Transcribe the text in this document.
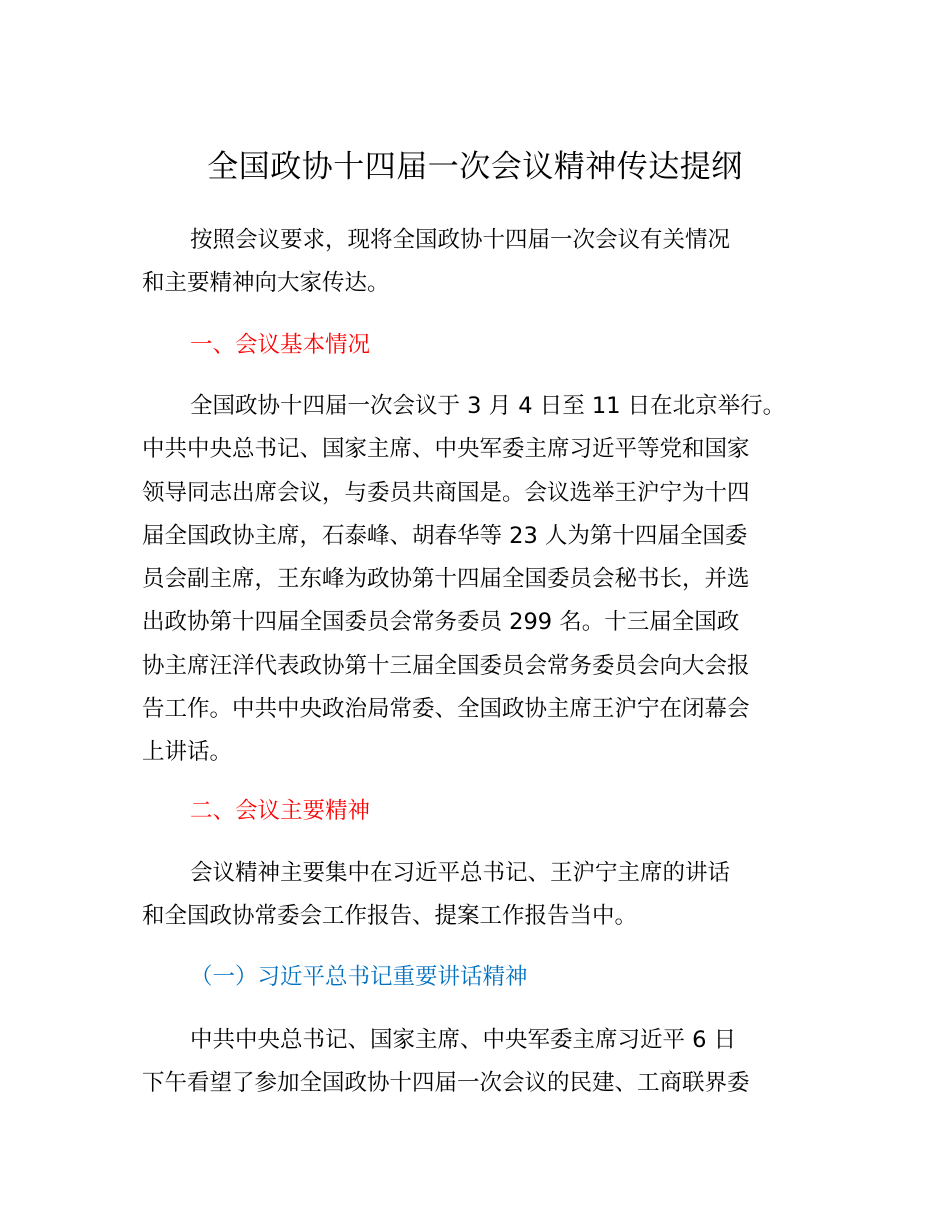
全国政协十四届一次会议精神传达提纲
按照会议要求，现将全国政协十四届一次会议有关情况
和主要精神向大家传达。
一、会议基本情况
全国政协十四届一次会议于 3 月 4 日至 11 日在北京举行。
中共中央总书记、国家主席、中央军委主席习近平等党和国家
领导同志出席会议，与委员共商国是。会议选举王沪宁为十四
届全国政协主席，石泰峰、胡春华等 23 人为第十四届全国委
员会副主席，王东峰为政协第十四届全国委员会秘书长，并选
出政协第十四届全国委员会常务委员 299 名。十三届全国政
协主席汪洋代表政协第十三届全国委员会常务委员会向大会报
告工作。中共中央政治局常委、全国政协主席王沪宁在闭幕会
上讲话。
二、会议主要精神
会议精神主要集中在习近平总书记、王沪宁主席的讲话
和全国政协常委会工作报告、提案工作报告当中。
（一）习近平总书记重要讲话精神
中共中央总书记、国家主席、中央军委主席习近平 6 日
下午看望了参加全国政协十四届一次会议的民建、工商联界委
